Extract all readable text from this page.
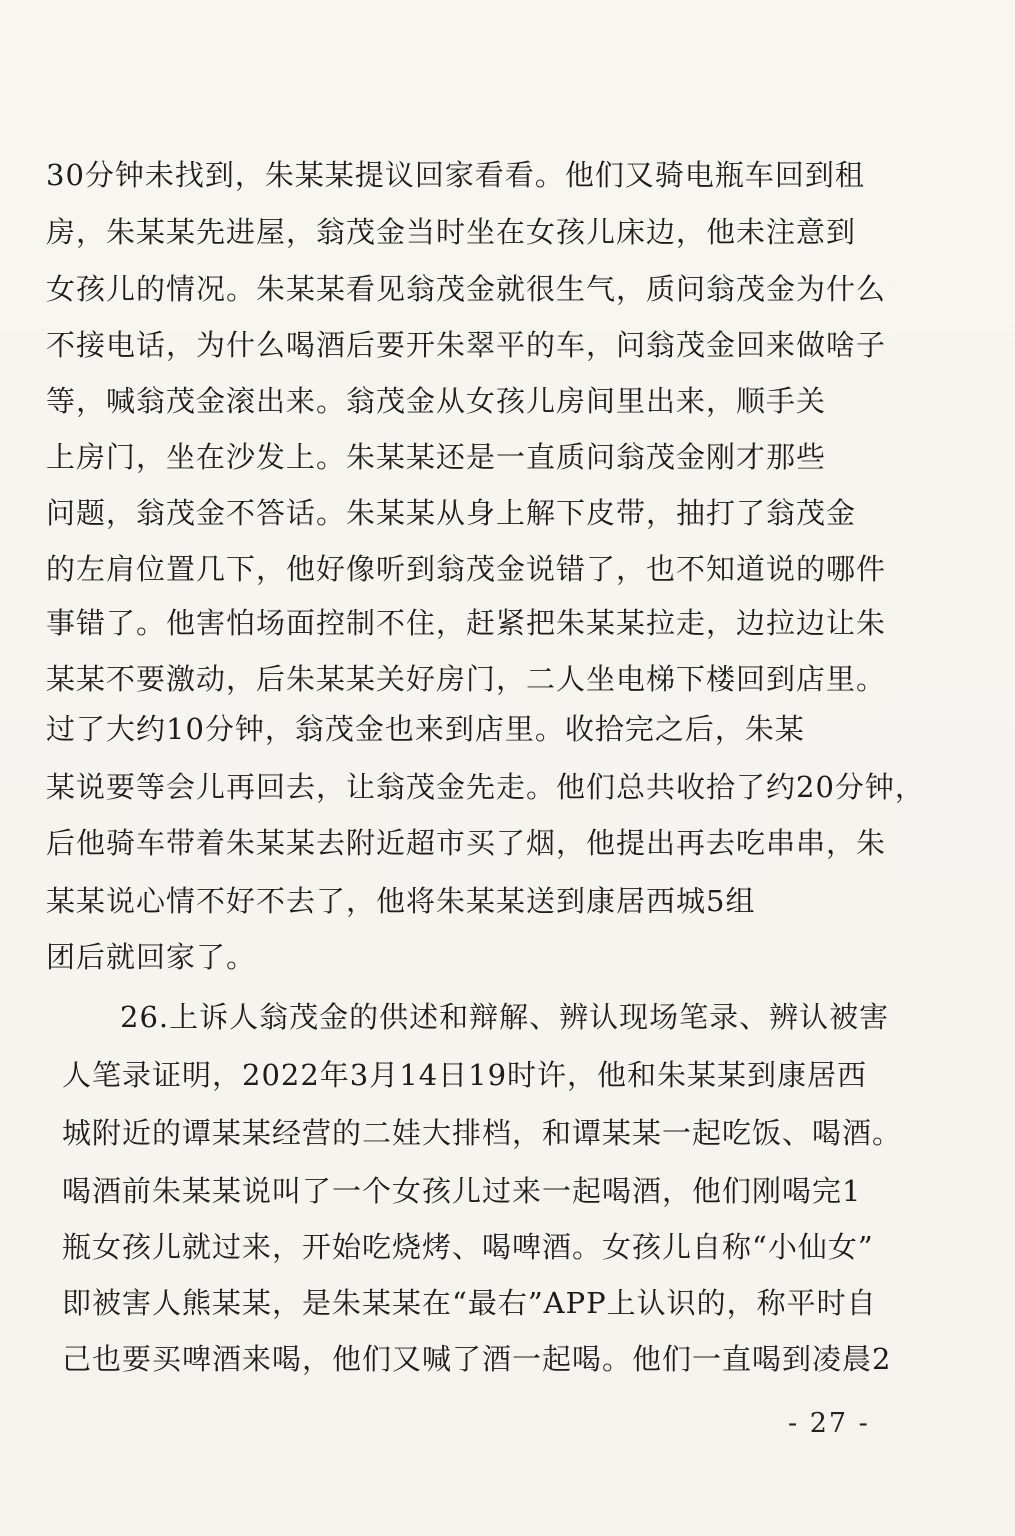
30分钟未找到，朱某某提议回家看看。他们又骑电瓶车回到租
房，朱某某先进屋，翁茂金当时坐在女孩儿床边，他未注意到
女孩儿的情况。朱某某看见翁茂金就很生气，质问翁茂金为什么
不接电话，为什么喝酒后要开朱翠平的车，问翁茂金回来做啥子
等，喊翁茂金滚出来。翁茂金从女孩儿房间里出来，顺手关
上房门，坐在沙发上。朱某某还是一直质问翁茂金刚才那些
问题，翁茂金不答话。朱某某从身上解下皮带，抽打了翁茂金
的左肩位置几下，他好像听到翁茂金说错了，也不知道说的哪件
事错了。他害怕场面控制不住，赶紧把朱某某拉走，边拉边让朱
某某不要激动，后朱某某关好房门，二人坐电梯下楼回到店里。
过了大约10分钟，翁茂金也来到店里。收拾完之后，朱某
某说要等会儿再回去，让翁茂金先走。他们总共收拾了约20分钟，
后他骑车带着朱某某去附近超市买了烟，他提出再去吃串串，朱
某某说心情不好不去了，他将朱某某送到康居西城5组
团后就回家了。
26.上诉人翁茂金的供述和辩解、辨认现场笔录、辨认被害
人笔录证明，2022年3月14日19时许，他和朱某某到康居西
城附近的谭某某经营的二娃大排档，和谭某某一起吃饭、喝酒。
喝酒前朱某某说叫了一个女孩儿过来一起喝酒，他们刚喝完1
瓶女孩儿就过来，开始吃烧烤、喝啤酒。女孩儿自称“小仙女”
即被害人熊某某，是朱某某在“最右”APP上认识的，称平时自
己也要买啤酒来喝，他们又喊了酒一起喝。他们一直喝到凌晨2
- 27 -
